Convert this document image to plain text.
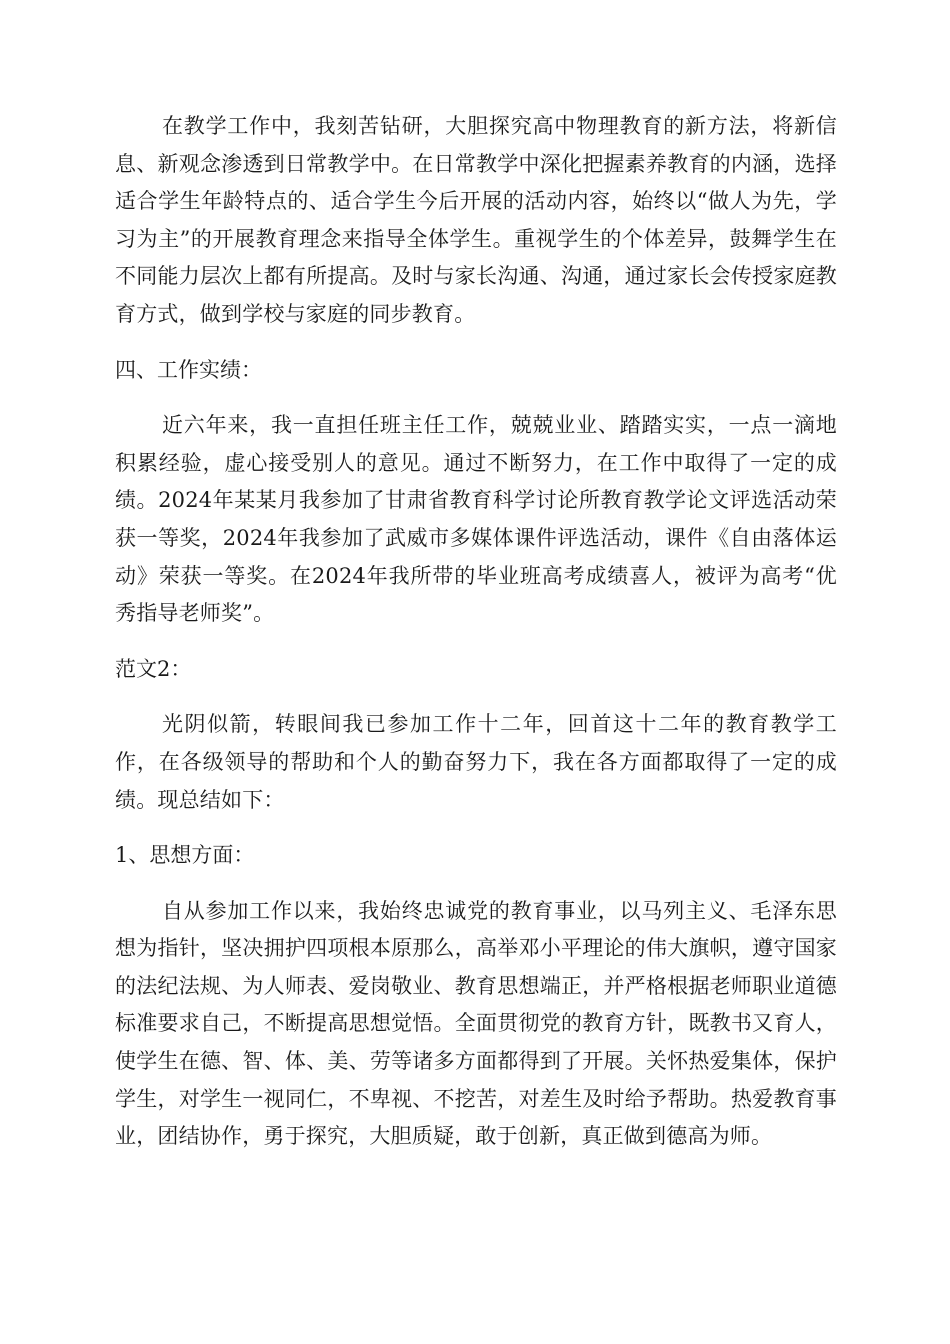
在教学工作中，我刻苦钻研，大胆探究高中物理教育的新方法，将新信息、新观念渗透到日常教学中。在日常教学中深化把握素养教育的内涵，选择适合学生年龄特点的、适合学生今后开展的活动内容，始终以“做人为先，学习为主”的开展教育理念来指导全体学生。重视学生的个体差异，鼓舞学生在不同能力层次上都有所提高。及时与家长沟通、沟通，通过家长会传授家庭教育方式，做到学校与家庭的同步教育。

四、工作实绩：

近六年来，我一直担任班主任工作，兢兢业业、踏踏实实，一点一滴地积累经验，虚心接受别人的意见。通过不断努力，在工作中取得了一定的成绩。2024年某某月我参加了甘肃省教育科学讨论所教育教学论文评选活动荣获一等奖，2024年我参加了武威市多媒体课件评选活动，课件《自由落体运动》荣获一等奖。在2024年我所带的毕业班高考成绩喜人，被评为高考“优秀指导老师奖”。

范文2：

光阴似箭，转眼间我已参加工作十二年，回首这十二年的教育教学工作，在各级领导的帮助和个人的勤奋努力下，我在各方面都取得了一定的成绩。现总结如下：

1、思想方面：

自从参加工作以来，我始终忠诚党的教育事业，以马列主义、毛泽东思想为指针，坚决拥护四项根本原那么，高举邓小平理论的伟大旗帜，遵守国家的法纪法规、为人师表、爱岗敬业、教育思想端正，并严格根据老师职业道德标准要求自己，不断提高思想觉悟。全面贯彻党的教育方针，既教书又育人，使学生在德、智、体、美、劳等诸多方面都得到了开展。关怀热爱集体，保护学生，对学生一视同仁，不卑视、不挖苦，对差生及时给予帮助。热爱教育事业，团结协作，勇于探究，大胆质疑，敢于创新，真正做到德高为师。
